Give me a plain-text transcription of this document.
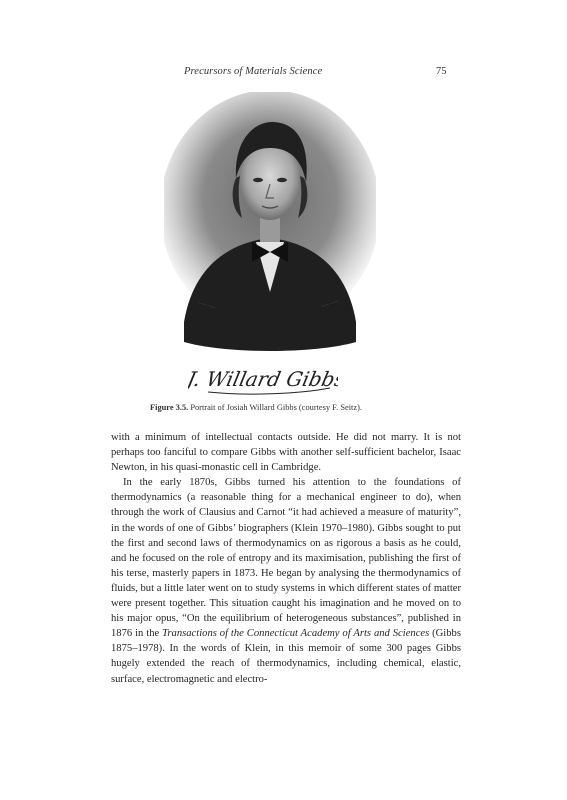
Precursors of Materials Science	75
~~~ ~~~	~~~ ~~~
J. Willard Gibbs
Figure 3.5. Portrait of Josiah Willard Gibbs (courtesy F. Seitz).

with a minimum of intellectual contacts outside. He did not marry. It is not perhaps too fanciful to compare Gibbs with another self-sufficient bachelor, Isaac Newton, in his quasi-monastic cell in Cambridge.

In the early 1870s, Gibbs turned his attention to the foundations of thermodynamics (a reasonable thing for a mechanical engineer to do), when through the work of Clausius and Carnot “it had achieved a measure of maturity”, in the words of one of Gibbs’ biographers (Klein 1970–1980). Gibbs sought to put the first and second laws of thermodynamics on as rigorous a basis as he could, and he focused on the role of entropy and its maximisation, publishing the first of his terse, masterly papers in 1873. He began by analysing the thermodynamics of fluids, but a little later went on to study systems in which different states of matter were present together. This situation caught his imagination and he moved on to his major opus, “On the equilibrium of heterogeneous substances”, published in 1876 in the Transactions of the Connecticut Academy of Arts and Sciences (Gibbs 1875–1978). In the words of Klein, in this memoir of some 300 pages Gibbs hugely extended the reach of thermodynamics, including chemical, elastic, surface, electromagnetic and electro-
